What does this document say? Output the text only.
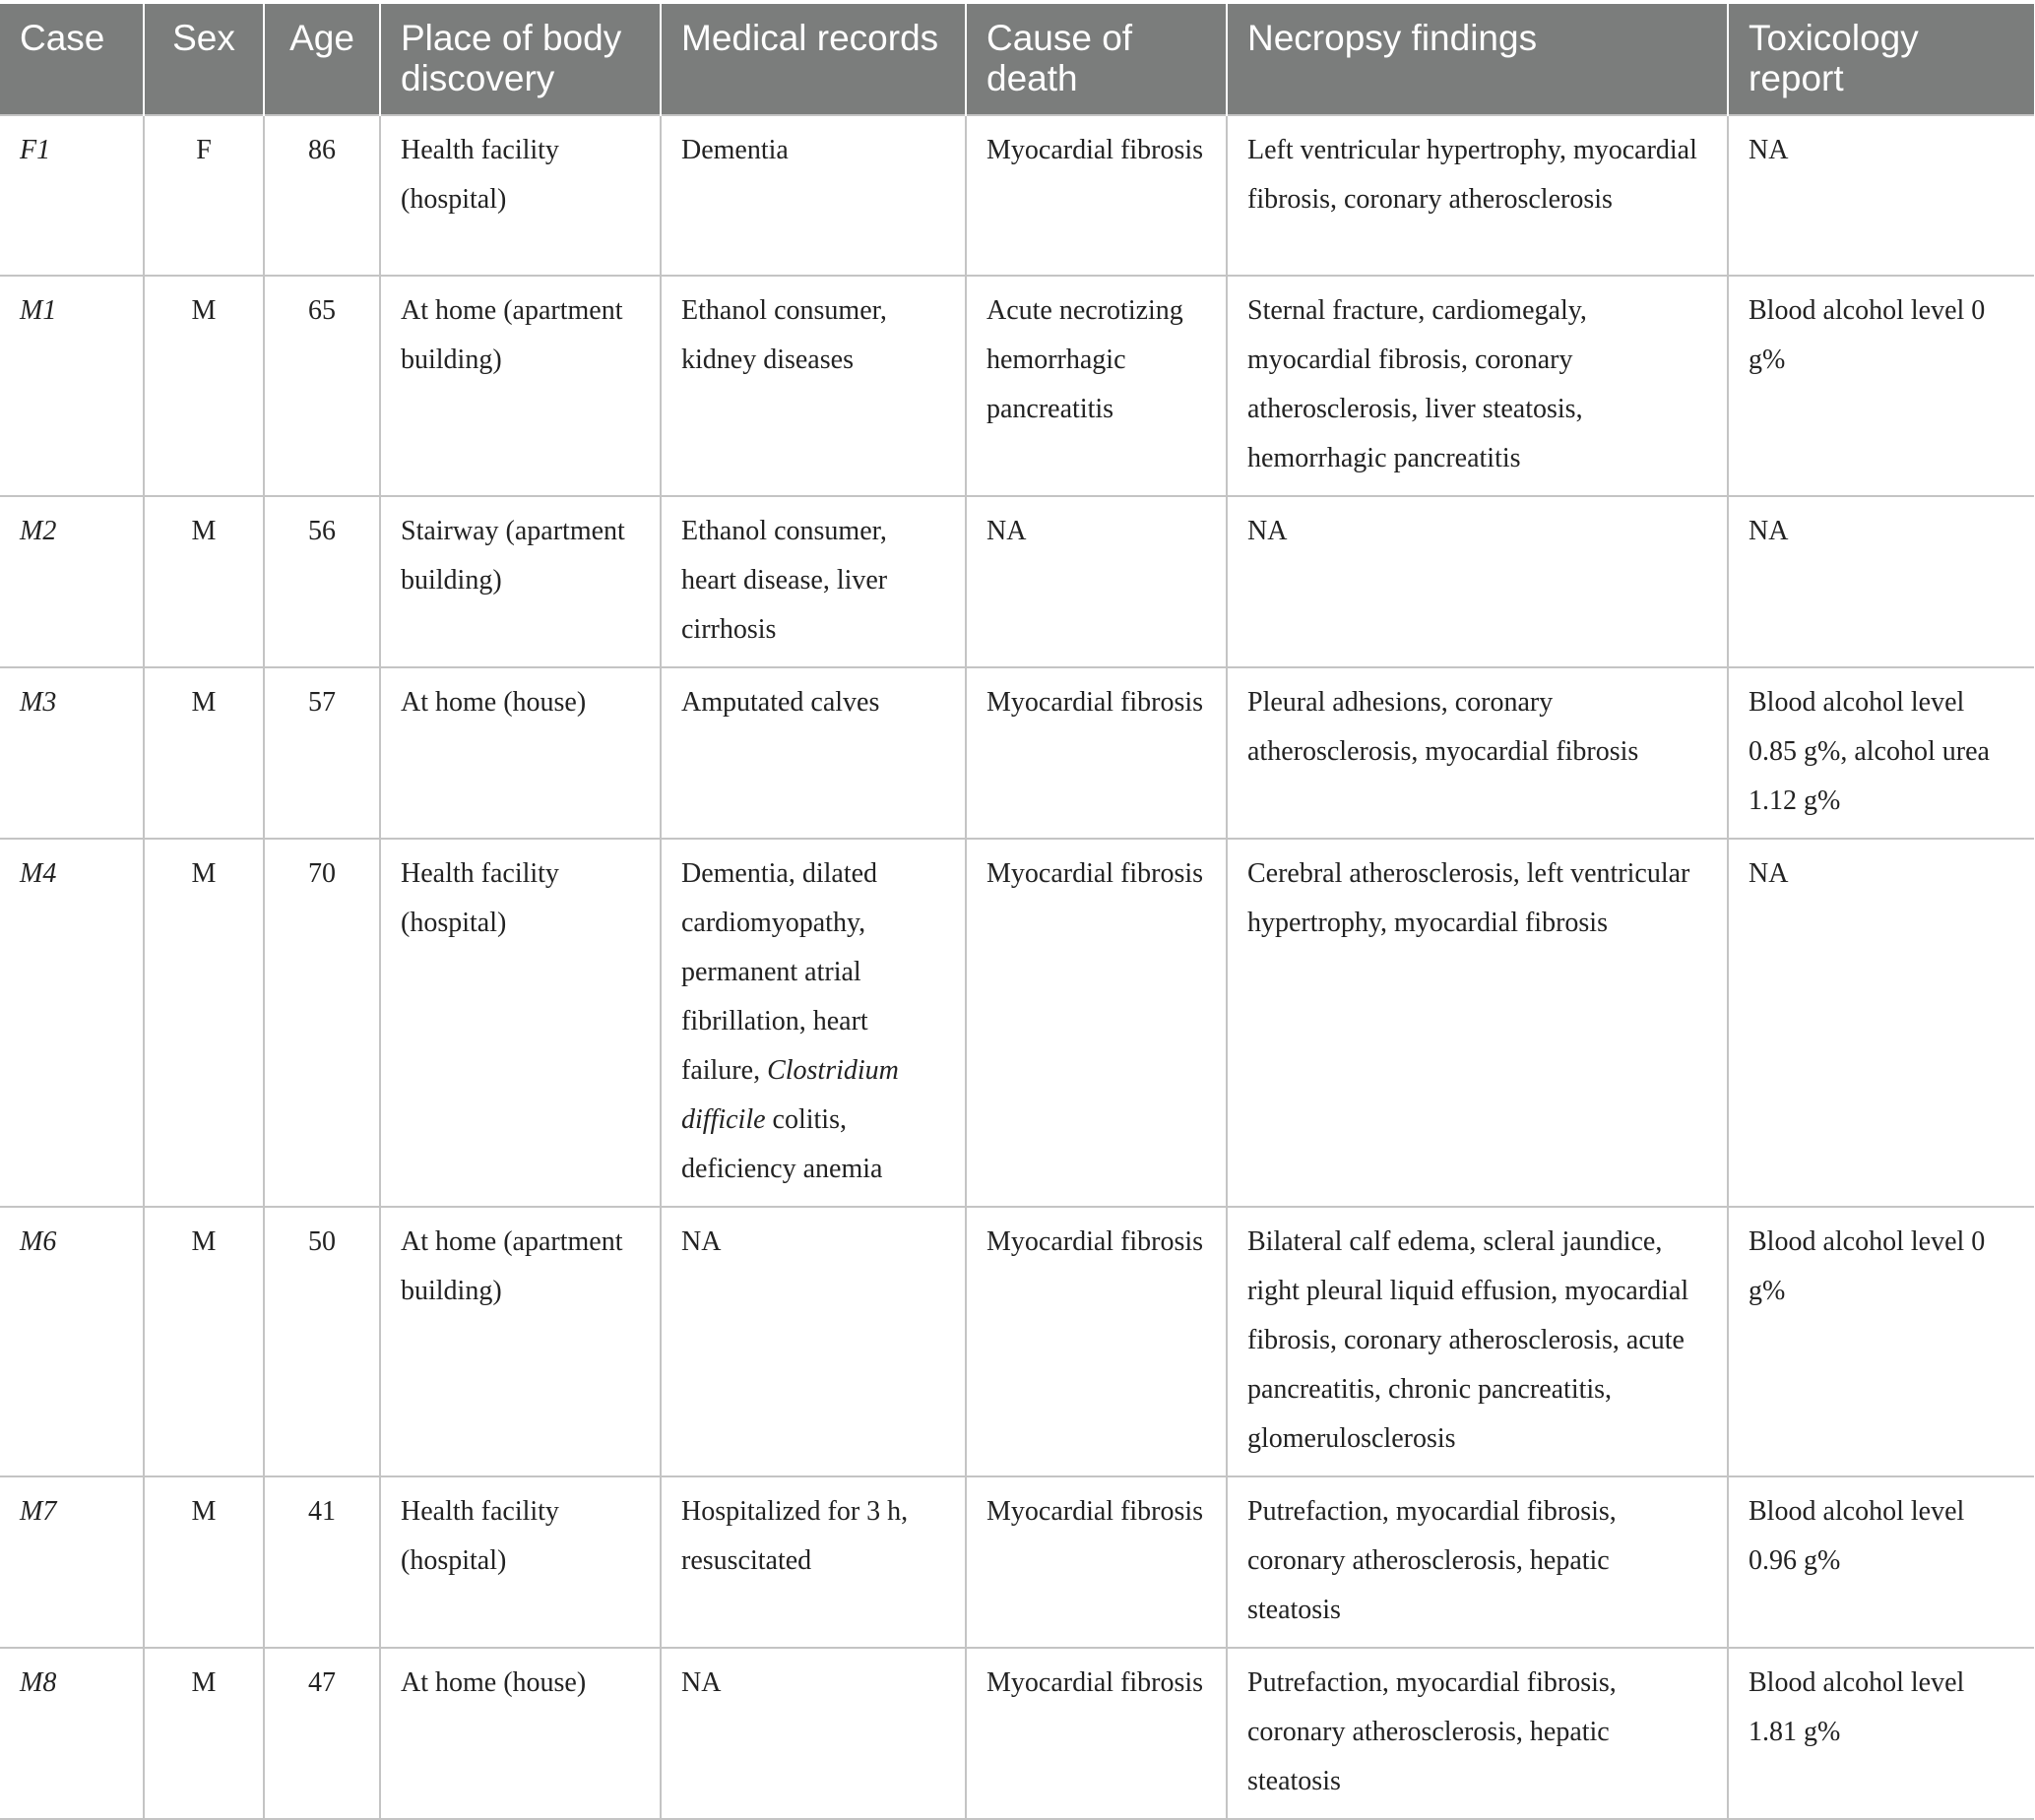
Case	Sex	Age	Place of body discovery	Medical records	Cause of death	Necropsy findings	Toxicology report
F1	F	86	Health facility (hospital)	Dementia	Myocardial fibrosis	Left ventricular hypertrophy, myocardial fibrosis, coronary atherosclerosis	NA
M1	M	65	At home (apartment building)	Ethanol consumer, kidney diseases	Acute necrotizing hemorrhagic pancreatitis	Sternal fracture, cardiomegaly, myocardial fibrosis, coronary atherosclerosis, liver steatosis, hemorrhagic pancreatitis	Blood alcohol level 0 g%
M2	M	56	Stairway (apartment building)	Ethanol consumer, heart disease, liver cirrhosis	NA	NA	NA
M3	M	57	At home (house)	Amputated calves	Myocardial fibrosis	Pleural adhesions, coronary atherosclerosis, myocardial fibrosis	Blood alcohol level 0.85 g%, alcohol urea 1.12 g%
M4	M	70	Health facility (hospital)	Dementia, dilated cardiomyopathy, permanent atrial fibrillation, heart failure, Clostridium difficile colitis, deficiency anemia	Myocardial fibrosis	Cerebral atherosclerosis, left ventricular hypertrophy, myocardial fibrosis	NA
M6	M	50	At home (apartment building)	NA	Myocardial fibrosis	Bilateral calf edema, scleral jaundice, right pleural liquid effusion, myocardial fibrosis, coronary atherosclerosis, acute pancreatitis, chronic pancreatitis, glomerulosclerosis	Blood alcohol level 0 g%
M7	M	41	Health facility (hospital)	Hospitalized for 3 h, resuscitated	Myocardial fibrosis	Putrefaction, myocardial fibrosis, coronary atherosclerosis, hepatic steatosis	Blood alcohol level 0.96 g%
M8	M	47	At home (house)	NA	Myocardial fibrosis	Putrefaction, myocardial fibrosis, coronary atherosclerosis, hepatic steatosis	Blood alcohol level 1.81 g%
